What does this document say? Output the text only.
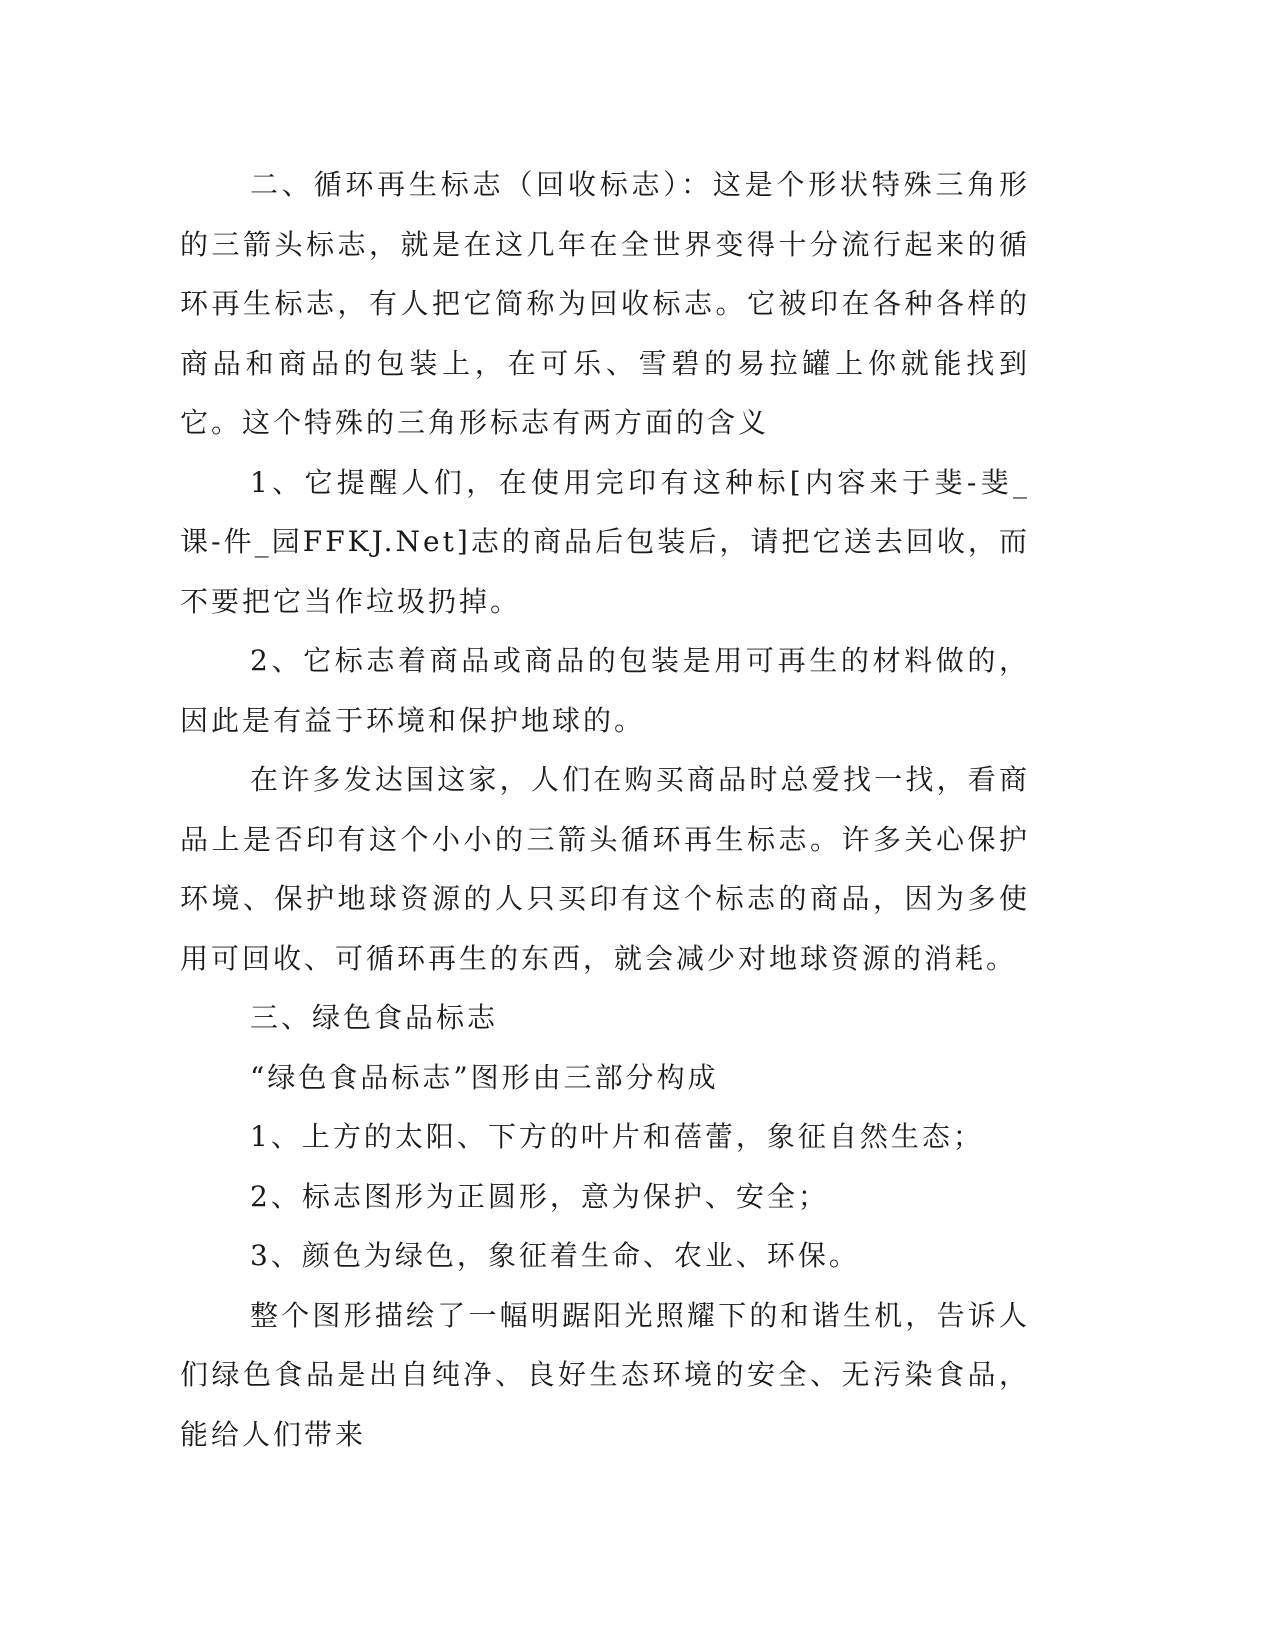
二、循环再生标志（回收标志）：这是个形状特殊三角形的三箭头标志，就是在这几年在全世界变得十分流行起来的循环再生标志，有人把它简称为回收标志。它被印在各种各样的商品和商品的包装上，在可乐、雪碧的易拉罐上你就能找到它。这个特殊的三角形标志有两方面的含义

1、它提醒人们，在使用完印有这种标[内容来于斐-斐_课-件_园FFKJ.Net]志的商品后包装后，请把它送去回收，而不要把它当作垃圾扔掉。

2、它标志着商品或商品的包装是用可再生的材料做的，因此是有益于环境和保护地球的。

在许多发达国这家，人们在购买商品时总爱找一找，看商品上是否印有这个小小的三箭头循环再生标志。许多关心保护环境、保护地球资源的人只买印有这个标志的商品，因为多使用可回收、可循环再生的东西，就会减少对地球资源的消耗。

三、绿色食品标志

“绿色食品标志”图形由三部分构成

1、上方的太阳、下方的叶片和蓓蕾，象征自然生态；

2、标志图形为正圆形，意为保护、安全；

3、颜色为绿色，象征着生命、农业、环保。

整个图形描绘了一幅明踞阳光照耀下的和谐生机，告诉人们绿色食品是出自纯净、良好生态环境的安全、无污染食品，能给人们带来
